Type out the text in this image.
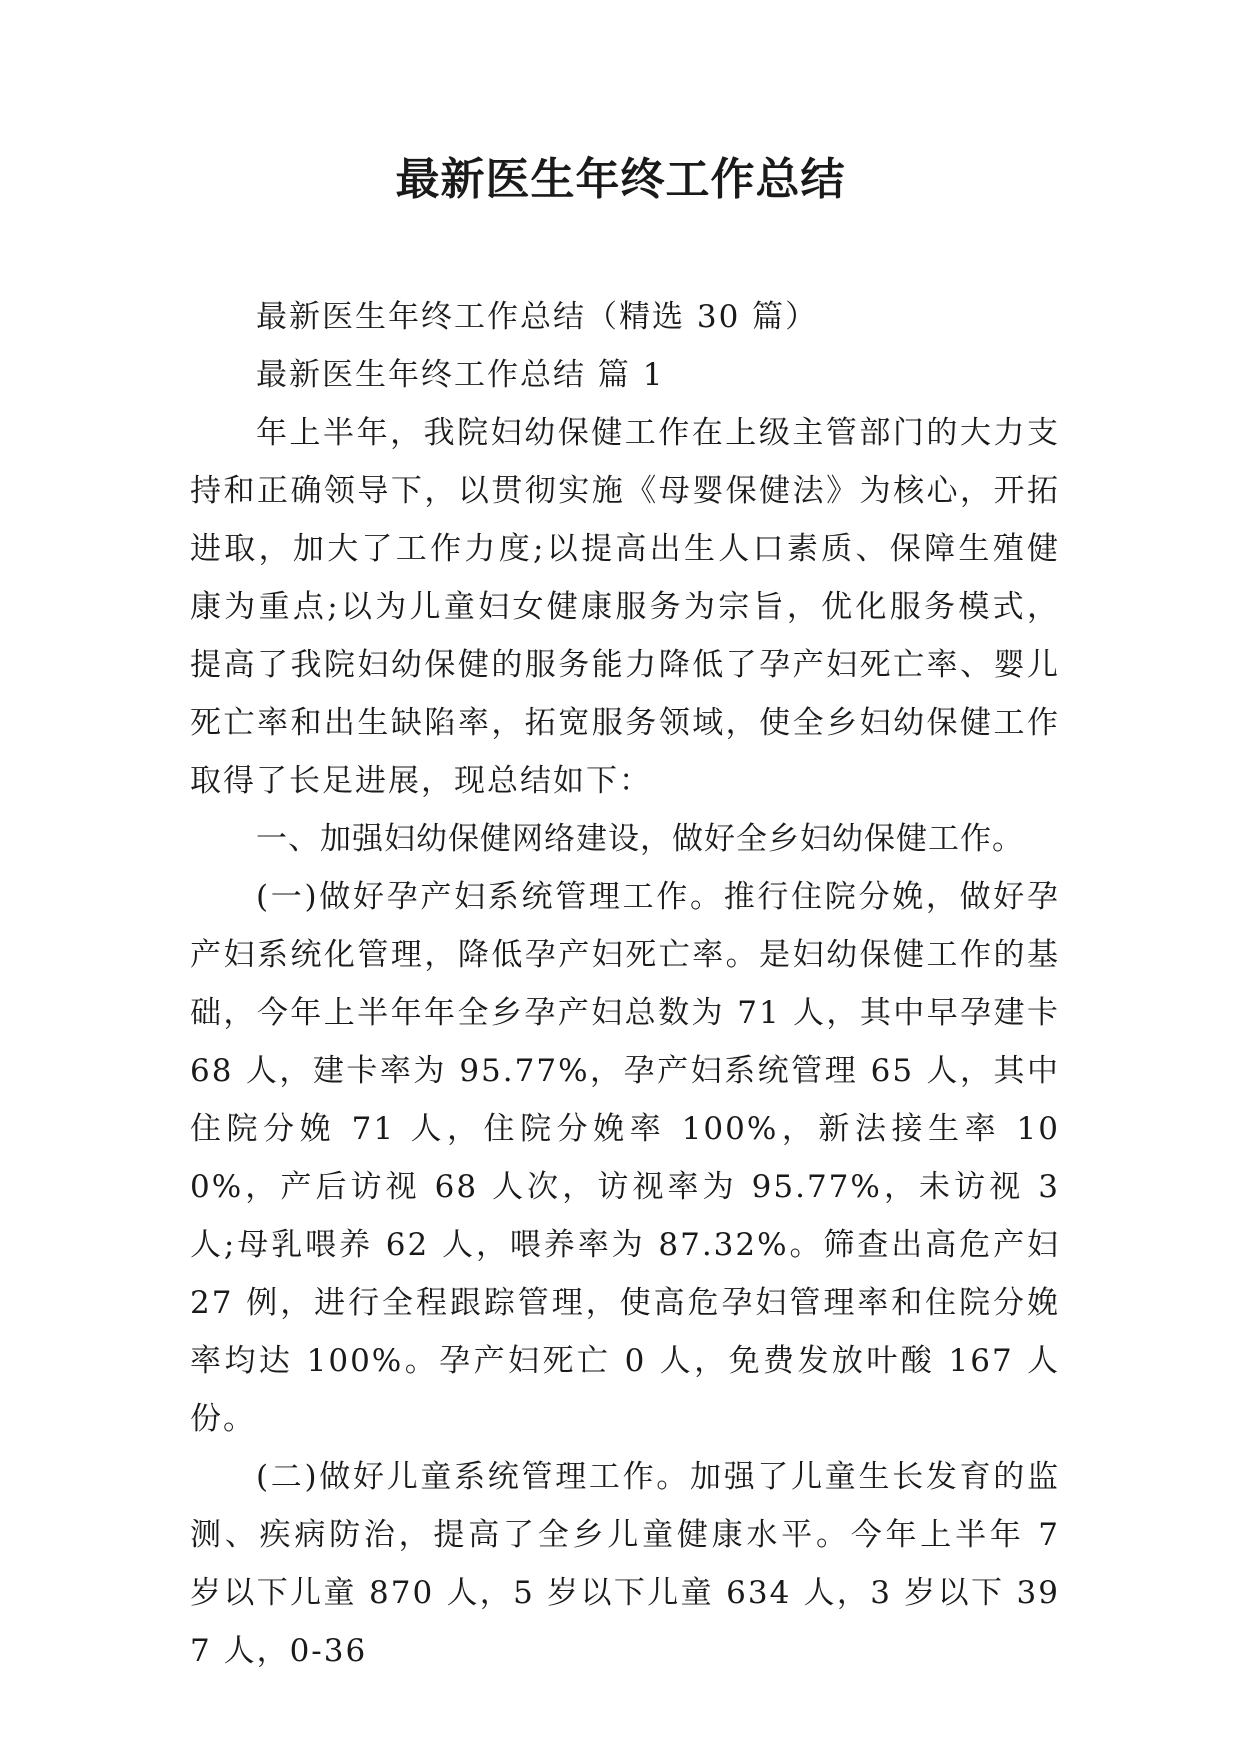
最新医生年终工作总结

最新医生年终工作总结（精选 30 篇）

最新医生年终工作总结 篇 1

年上半年，我院妇幼保健工作在上级主管部门的大力支持和正确领导下，以贯彻实施《母婴保健法》为核心，开拓进取，加大了工作力度;以提高出生人口素质、保障生殖健康为重点;以为儿童妇女健康服务为宗旨，优化服务模式，提高了我院妇幼保健的服务能力降低了孕产妇死亡率、婴儿死亡率和出生缺陷率，拓宽服务领域，使全乡妇幼保健工作取得了长足进展，现总结如下：

一、加强妇幼保健网络建设，做好全乡妇幼保健工作。

(一)做好孕产妇系统管理工作。推行住院分娩，做好孕产妇系统化管理，降低孕产妇死亡率。是妇幼保健工作的基础，今年上半年年全乡孕产妇总数为 71 人，其中早孕建卡 68 人，建卡率为 95.77%，孕产妇系统管理 65 人，其中住院分娩 71 人，住院分娩率 100%，新法接生率 100%，产后访视 68 人次，访视率为 95.77%，未访视 3 人;母乳喂养 62 人，喂养率为 87.32%。筛查出高危产妇 27 例，进行全程跟踪管理，使高危孕妇管理率和住院分娩率均达 100%。孕产妇死亡 0 人，免费发放叶酸 167 人份。

(二)做好儿童系统管理工作。加强了儿童生长发育的监测、疾病防治，提高了全乡儿童健康水平。今年上半年 7 岁以下儿童 870 人，5 岁以下儿童 634 人，3 岁以下 397 人，0-36
